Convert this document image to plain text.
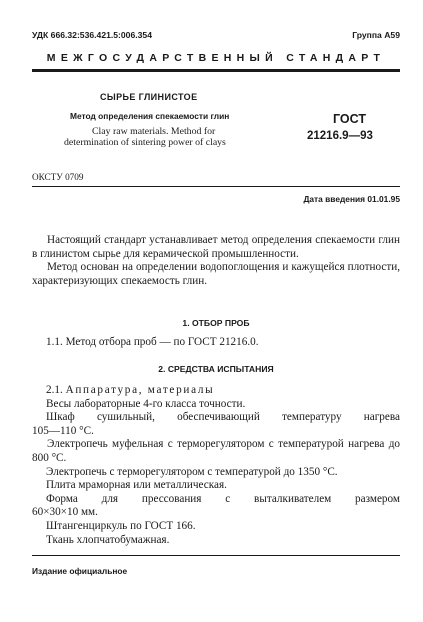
УДК 666.32:536.421.5:006.354	Группа А59
МЕЖГОСУДАРСТВЕННЫЙ СТАНДАРТ
СЫРЬЕ ГЛИНИСТОЕ
Метод определения спекаемости глин
Clay raw materials. Method for
determination of sintering power of clays
ГОСТ
21216.9—93
ОКСТУ 0709
Дата введения 01.01.95

Настоящий стандарт устанавливает метод определения спекаемости глин в глинистом сырье для керамической промышленности.

Метод основан на определении водопоглощения и кажущейся плотности, характеризующих спекаемость глин.

1. ОТБОР ПРОБ
1.1. Метод отбора проб — по ГОСТ 21216.0.
2. СРЕДСТВА ИСПЫТАНИЯ

2.1. Аппаратура, материалы

Весы лабораторные 4-го класса точности.

Шкаф сушильный, обеспечивающий температуру нагрева

105—110 °С.

Электропечь муфельная с терморегулятором с температурой нагрева до 800 °С.

Электропечь с терморегулятором с температурой до 1350 °С.

Плита мраморная или металлическая.

Форма для прессования с выталкивателем размером

60×30×10 мм.

Штангенциркуль по ГОСТ 166.

Ткань хлопчатобумажная.

Издание официальное
